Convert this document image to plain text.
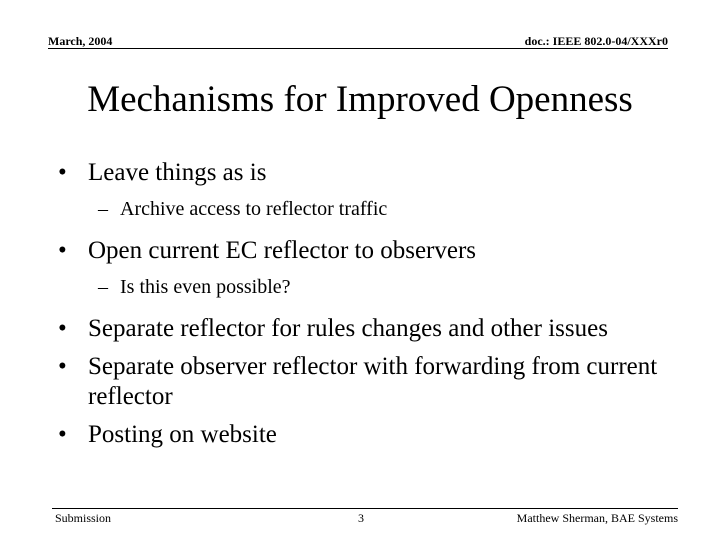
March, 2004	doc.: IEEE 802.0-04/XXXr0
Mechanisms for Improved Openness
• Leave things as is
– Archive access to reflector traffic
• Open current EC reflector to observers
– Is this even possible?
• Separate reflector for rules changes and other issues
• Separate observer reflector with forwarding from current reflector
• Posting on website
Submission	3	Matthew Sherman, BAE Systems
